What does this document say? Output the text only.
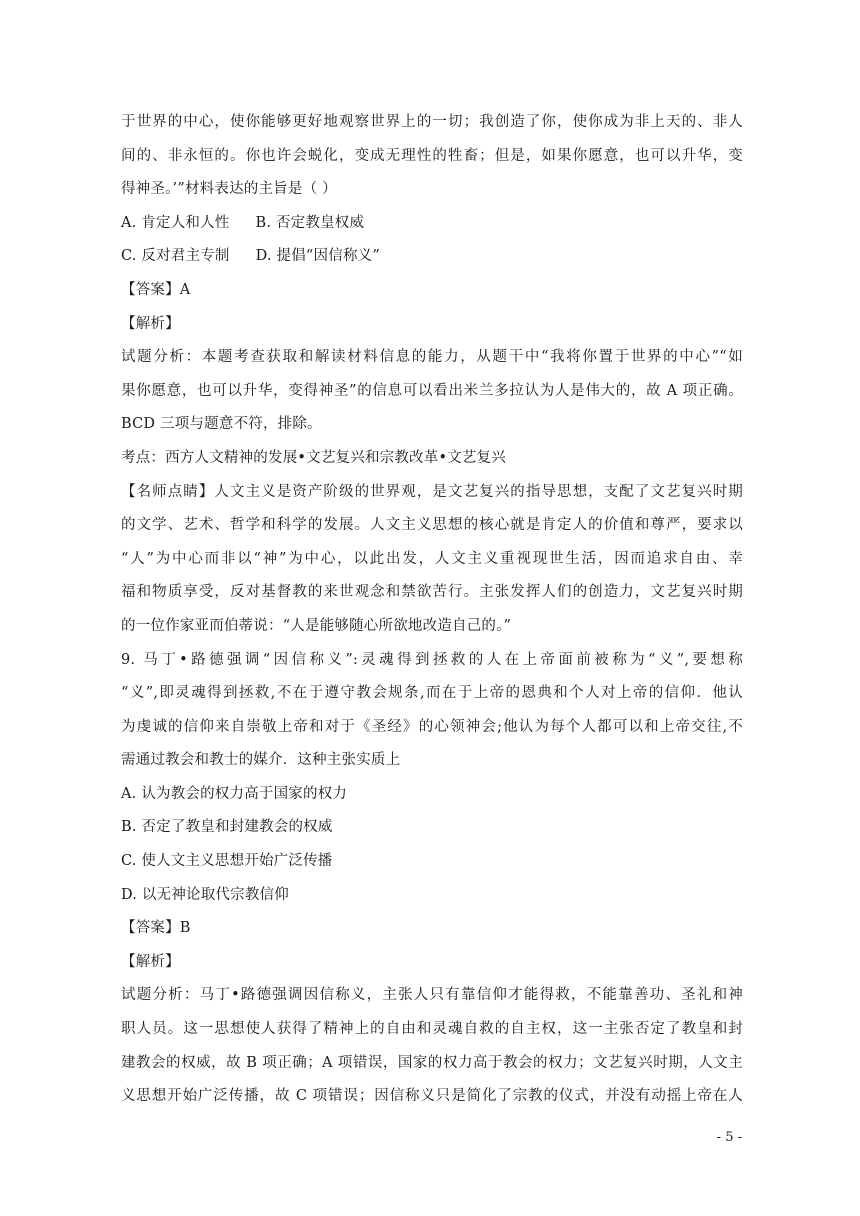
于世界的中心，使你能够更好地观察世界上的一切；我创造了你，使你成为非上天的、非人
间的、非永恒的。你也许会蜕化，变成无理性的牲畜；但是，如果你愿意，也可以升华，变
得神圣。’”材料表达的主旨是（ ）
A. 肯定人和人性 B. 否定教皇权威
C. 反对君主专制 D. 提倡“因信称义”
【答案】A
【解析】
试题分析：本题考查获取和解读材料信息的能力，从题干中“我将你置于世界的中心”“如
果你愿意，也可以升华，变得神圣”的信息可以看出米兰多拉认为人是伟大的，故 A 项正确。
BCD 三项与题意不符，排除。
考点：西方人文精神的发展•文艺复兴和宗教改革•文艺复兴
【名师点睛】人文主义是资产阶级的世界观，是文艺复兴的指导思想，支配了文艺复兴时期
的文学、艺术、哲学和科学的发展。人文主义思想的核心就是肯定人的价值和尊严，要求以
“人”为中心而非以“神”为中心，以此出发，人文主义重视现世生活，因而追求自由、幸
福和物质享受，反对基督教的来世观念和禁欲苦行。主张发挥人们的创造力，文艺复兴时期
的一位作家亚而伯蒂说：“人是能够随心所欲地改造自己的。”
9. 马丁•路德强调“因信称义”:灵魂得到拯救的人在上帝面前被称为“义”,要想称
“义”,即灵魂得到拯救,不在于遵守教会规条,而在于上帝的恩典和个人对上帝的信仰．他认
为虔诚的信仰来自崇敬上帝和对于《圣经》的心领神会;他认为每个人都可以和上帝交往,不
需通过教会和教士的媒介．这种主张实质上
A. 认为教会的权力高于国家的权力
B. 否定了教皇和封建教会的权威
C. 使人文主义思想开始广泛传播
D. 以无神论取代宗教信仰
【答案】B
【解析】
试题分析：马丁•路德强调因信称义，主张人只有靠信仰才能得救，不能靠善功、圣礼和神
职人员。这一思想使人获得了精神上的自由和灵魂自救的自主权，这一主张否定了教皇和封
建教会的权威，故 B 项正确；A 项错误，国家的权力高于教会的权力；文艺复兴时期，人文主
义思想开始广泛传播，故 C 项错误；因信称义只是简化了宗教的仪式，并没有动摇上帝在人
- 5 -
